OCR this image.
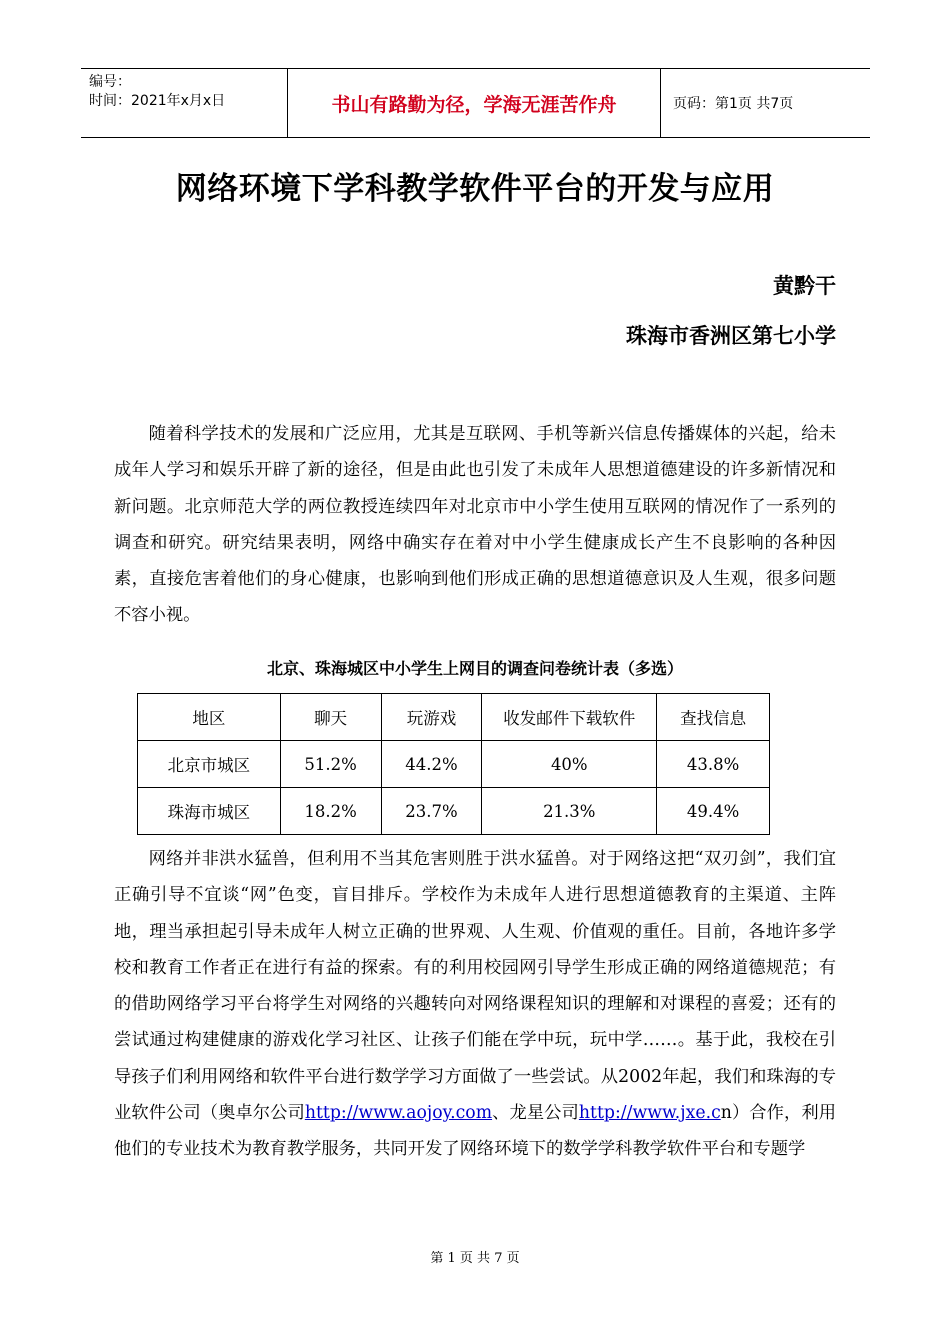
编号：
时间：2021年x月x日	书山有路勤为径，学海无涯苦作舟	页码：第1页 共7页
网络环境下学科教学软件平台的开发与应用
黄黔干
珠海市香洲区第七小学

随着科学技术的发展和广泛应用，尤其是互联网、手机等新兴信息传播媒体的兴起，给未成年人学习和娱乐开辟了新的途径，但是由此也引发了未成年人思想道德建设的许多新情况和新问题。北京师范大学的两位教授连续四年对北京市中小学生使用互联网的情况作了一系列的调查和研究。研究结果表明，网络中确实存在着对中小学生健康成长产生不良影响的各种因素，直接危害着他们的身心健康，也影响到他们形成正确的思想道德意识及人生观，很多问题不容小视。

北京、珠海城区中小学生上网目的调查问卷统计表（多选）
地区	聊天	玩游戏	收发邮件下载软件	查找信息
北京市城区	51.2%	44.2%	40%	43.8%
珠海市城区	18.2%	23.7%	21.3%	49.4%

网络并非洪水猛兽，但利用不当其危害则胜于洪水猛兽。对于网络这把“双刃剑”，我们宜正确引导不宜谈“网”色变，盲目排斥。学校作为未成年人进行思想道德教育的主渠道、主阵地，理当承担起引导未成年人树立正确的世界观、人生观、价值观的重任。目前，各地许多学校和教育工作者正在进行有益的探索。有的利用校园网引导学生形成正确的网络道德规范；有的借助网络学习平台将学生对网络的兴趣转向对网络课程知识的理解和对课程的喜爱；还有的尝试通过构建健康的游戏化学习社区、让孩子们能在学中玩，玩中学……。基于此，我校在引导孩子们利用网络和软件平台进行数学学习方面做了一些尝试。从2002年起，我们和珠海的专业软件公司（奥卓尔公司http://www.aojoy.com、龙星公司http://www.jxe.cn）合作，利用他们的专业技术为教育教学服务，共同开发了网络环境下的数学学科教学软件平台和专题学

第 1 页 共 7 页
